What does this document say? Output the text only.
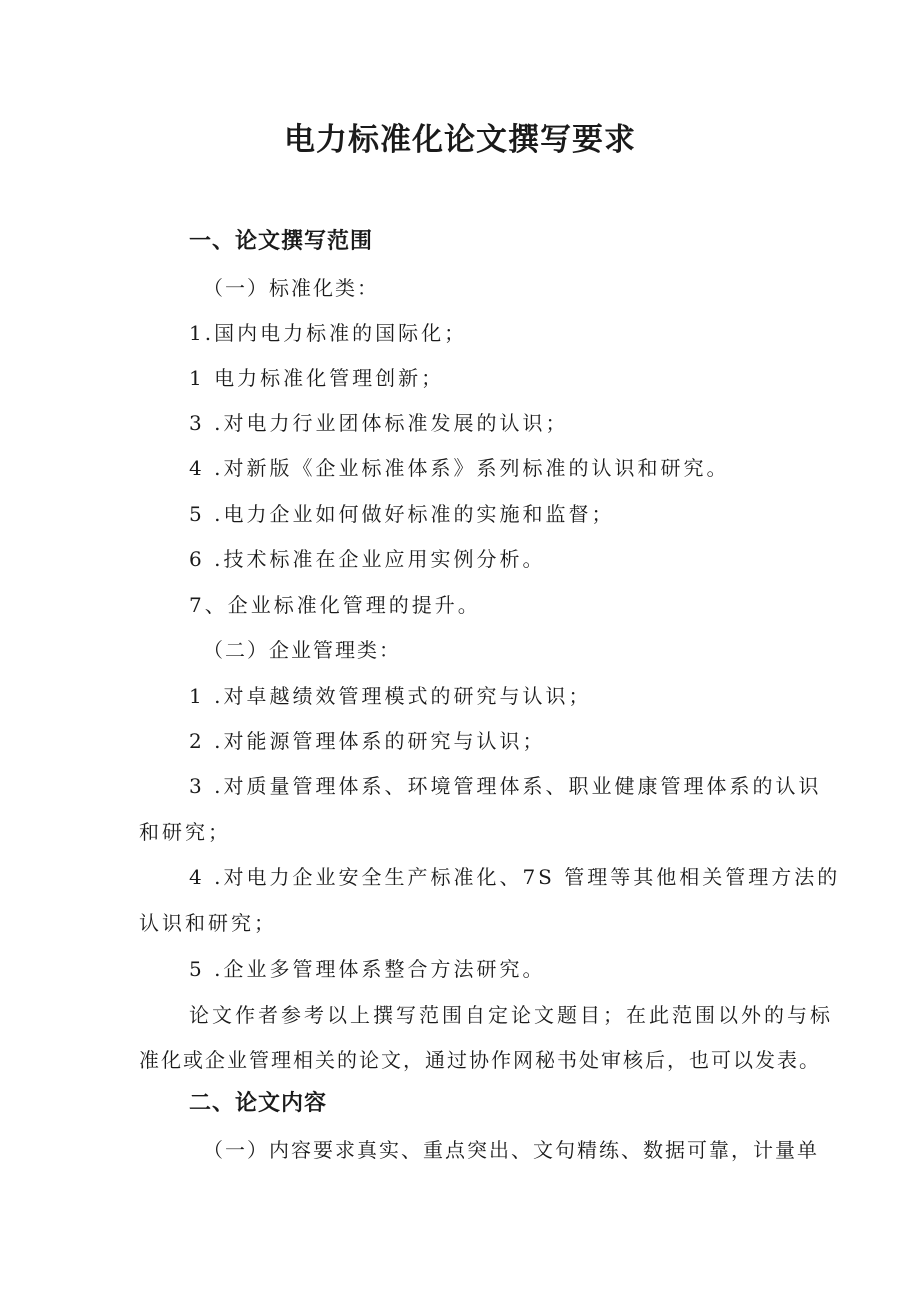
电力标准化论文撰写要求
一、论文撰写范围
（一）标准化类：
1.国内电力标准的国际化；
1 电力标准化管理创新；
3 .对电力行业团体标准发展的认识；
4 .对新版《企业标准体系》系列标准的认识和研究。
5 .电力企业如何做好标准的实施和监督；
6 .技术标准在企业应用实例分析。
7、企业标准化管理的提升。
（二）企业管理类：
1 .对卓越绩效管理模式的研究与认识；
2 .对能源管理体系的研究与认识；
3 .对质量管理体系、环境管理体系、职业健康管理体系的认识
和研究；
4 .对电力企业安全生产标准化、7S 管理等其他相关管理方法的
认识和研究；
5 .企业多管理体系整合方法研究。
论文作者参考以上撰写范围自定论文题目；在此范围以外的与标
准化或企业管理相关的论文，通过协作网秘书处审核后，也可以发表。
二、论文内容
（一）内容要求真实、重点突出、文句精练、数据可靠，计量单
